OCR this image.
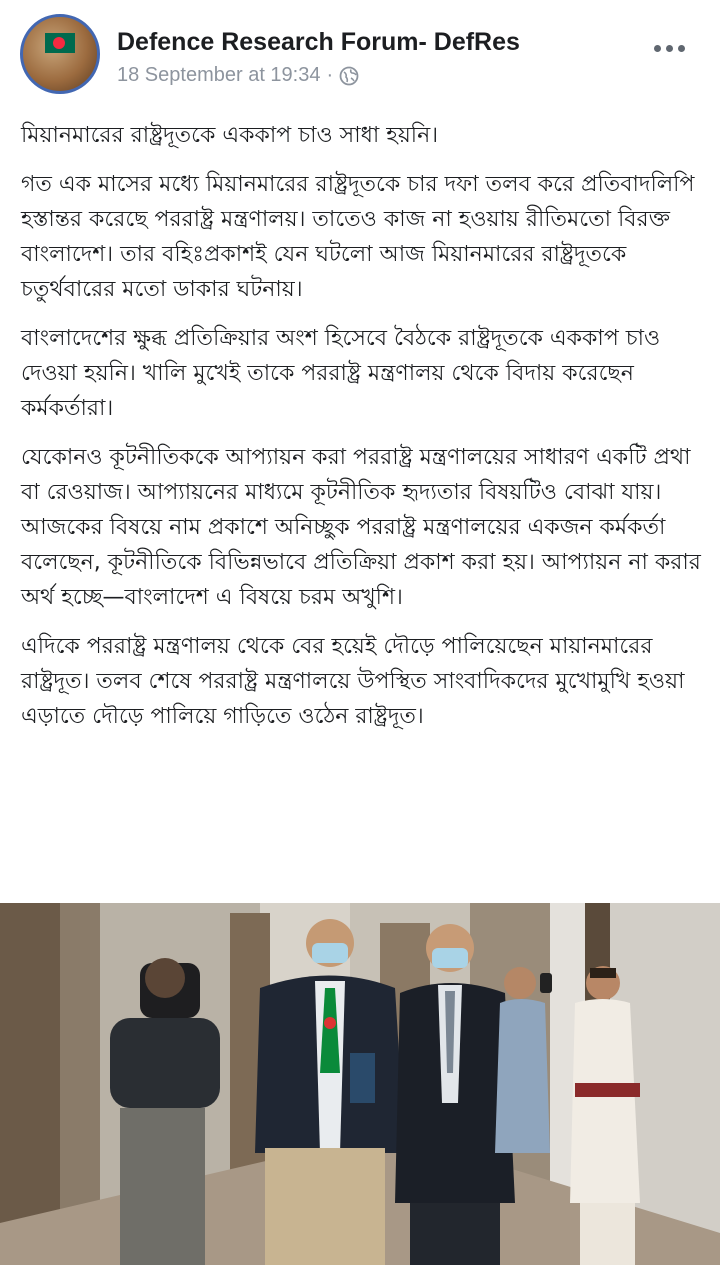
Defence Research Forum- DefRes
18 September at 19:34 ·

মিয়ানমারের রাষ্ট্রদূতকে এককাপ চাও সাধা হয়নি।

গত এক মাসের মধ্যে মিয়ানমারের রাষ্ট্রদূতকে চার দফা তলব করে প্রতিবাদলিপি হস্তান্তর করেছে পররাষ্ট্র মন্ত্রণালয়। তাতেও কাজ না হওয়ায় রীতিমতো বিরক্ত বাংলাদেশ। তার বহিঃপ্রকাশই যেন ঘটলো আজ মিয়ানমারের রাষ্ট্রদূতকে চতুর্থবারের মতো ডাকার ঘটনায়।

বাংলাদেশের ক্ষুব্ধ প্রতিক্রিয়ার অংশ হিসেবে বৈঠকে রাষ্ট্রদূতকে এককাপ চাও দেওয়া হয়নি। খালি মুখেই তাকে পররাষ্ট্র মন্ত্রণালয় থেকে বিদায় করেছেন কর্মকর্তারা।

যেকোনও কূটনীতিককে আপ্যায়ন করা পররাষ্ট্র মন্ত্রণালয়ের সাধারণ একটি প্রথা বা রেওয়াজ। আপ্যায়নের মাধ্যমে কূটনীতিক হৃদ্যতার বিষয়টিও বোঝা যায়।আজকের বিষয়ে নাম প্রকাশে অনিচ্ছুক পররাষ্ট্র মন্ত্রণালয়ের একজন কর্মকর্তা বলেছেন, কূটনীতিকে বিভিন্নভাবে প্রতিক্রিয়া প্রকাশ করা হয়। আপ্যায়ন না করার অর্থ হচ্ছে—বাংলাদেশ এ বিষয়ে চরম অখুশি।

এদিকে পররাষ্ট্র মন্ত্রণালয় থেকে বের হয়েই দৌড়ে পালিয়েছেন মায়ানমারের রাষ্ট্রদূত। তলব শেষে পররাষ্ট্র মন্ত্রণালয়ে উপস্থিত সাংবাদিকদের মুখোমুখি হওয়া এড়াতে দৌড়ে পালিয়ে গাড়িতে ওঠেন রাষ্ট্রদূত।
